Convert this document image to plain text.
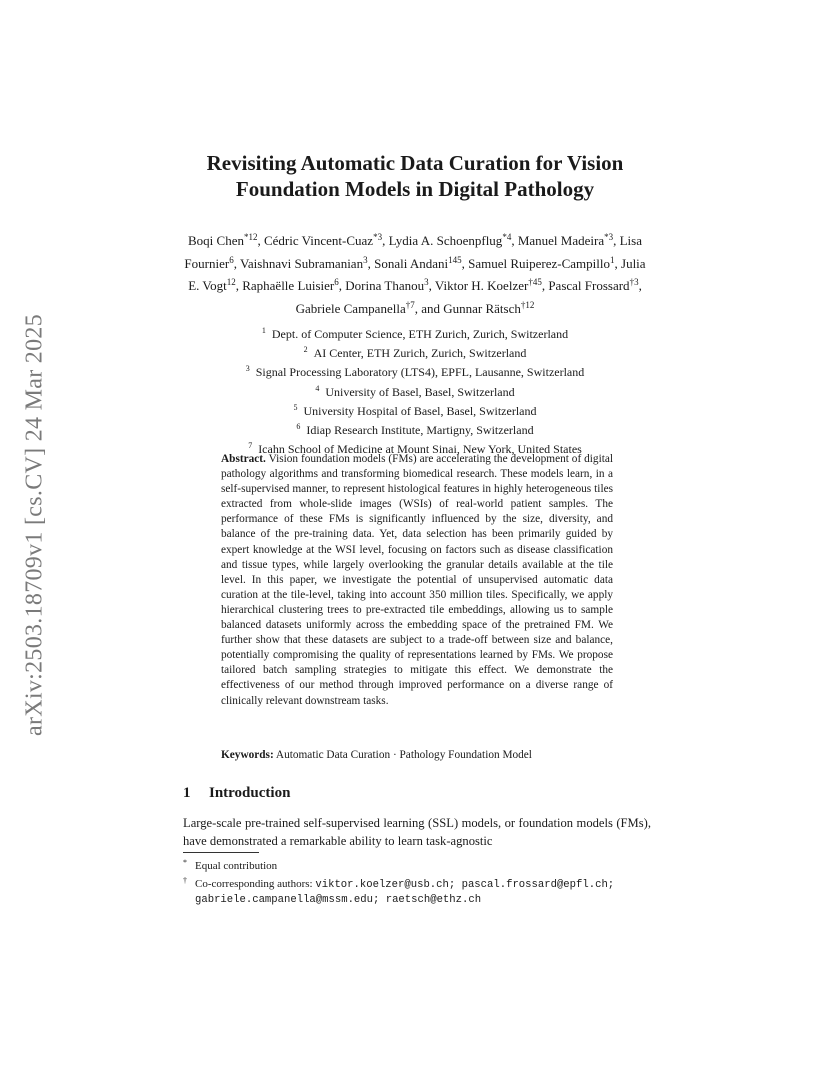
arXiv:2503.18709v1 [cs.CV] 24 Mar 2025
Revisiting Automatic Data Curation for Vision
Foundation Models in Digital Pathology
Boqi Chen$^{*12}$, Cédric Vincent-Cuaz$^{*3}$, Lydia A. Schoenpflug$^{*4}$, Manuel Madeira$^{*3}$, Lisa Fournier$^6$, Vaishnavi Subramanian$^3$, Sonali Andani$^{145}$, Samuel Ruiperez-Campillo$^1$, Julia E. Vogt$^{12}$, Raphaëlle Luisier$^6$, Dorina Thanou$^3$, Viktor H. Koelzer$^{\dagger 45}$, Pascal Frossard$^{\dagger 3}$, Gabriele Campanella$^{\dagger 7}$, and Gunnar Rätsch$^{\dagger 12}$
$^1$ Dept. of Computer Science, ETH Zurich, Zurich, Switzerland
$^2$ AI Center, ETH Zurich, Zurich, Switzerland
$^3$ Signal Processing Laboratory (LTS4), EPFL, Lausanne, Switzerland
$^4$ University of Basel, Basel, Switzerland
$^5$ University Hospital of Basel, Basel, Switzerland
$^6$ Idiap Research Institute, Martigny, Switzerland
$^7$ Icahn School of Medicine at Mount Sinai, New York, United States
Abstract. Vision foundation models (FMs) are accelerating the development of digital pathology algorithms and transforming biomedical research. These models learn, in a self-supervised manner, to represent histological features in highly heterogeneous tiles extracted from whole-slide images (WSIs) of real-world patient samples. The performance of these FMs is significantly influenced by the size, diversity, and balance of the pre-training data. Yet, data selection has been primarily guided by expert knowledge at the WSI level, focusing on factors such as disease classification and tissue types, while largely overlooking the granular details available at the tile level. In this paper, we investigate the potential of unsupervised automatic data curation at the tile-level, taking into account 350 million tiles. Specifically, we apply hierarchical clustering trees to pre-extracted tile embeddings, allowing us to sample balanced datasets uniformly across the embedding space of the pretrained FM. We further show that these datasets are subject to a trade-off between size and balance, potentially compromising the quality of representations learned by FMs. We propose tailored batch sampling strategies to mitigate this effect. We demonstrate the effectiveness of our method through improved performance on a diverse range of clinically relevant downstream tasks.
Keywords: Automatic Data Curation · Pathology Foundation Model
1 Introduction
Large-scale pre-trained self-supervised learning (SSL) models, or foundation models (FMs), have demonstrated a remarkable ability to learn task-agnostic
* Equal contribution
† Co-corresponding authors: viktor.koelzer@usb.ch; pascal.frossard@epfl.ch;
gabriele.campanella@mssm.edu; raetsch@ethz.ch
